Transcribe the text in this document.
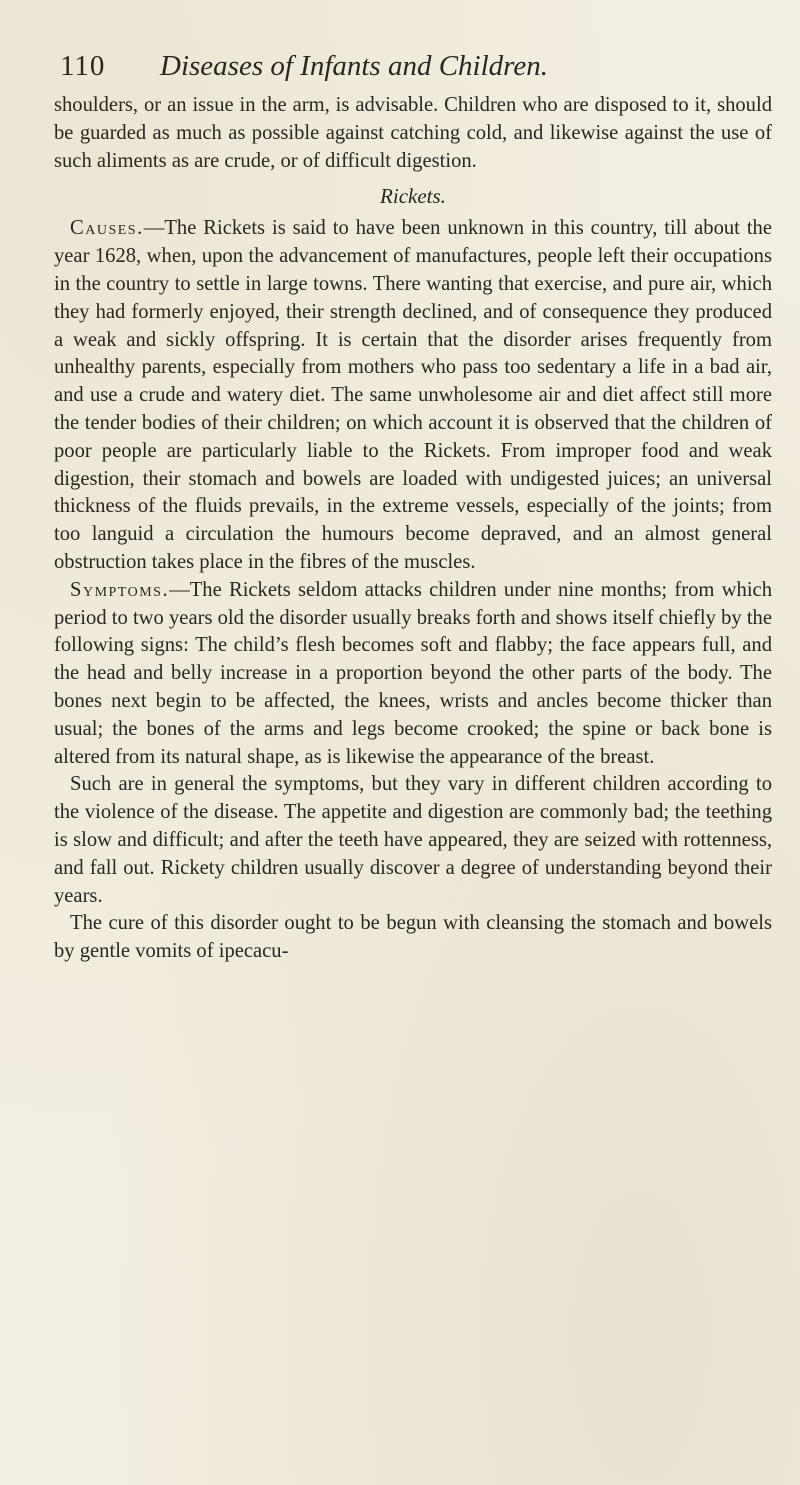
110 Diseases of Infants and Children.

shoulders, or an issue in the arm, is advisable. Children who are disposed to it, should be guarded as much as possible against catching cold, and likewise against the use of such aliments as are crude, or of difficult digestion.

Rickets.

Causes.—The Rickets is said to have been unknown in this country, till about the year 1628, when, upon the advancement of manufactures, people left their occupations in the country to settle in large towns. There wanting that exercise, and pure air, which they had formerly enjoyed, their strength declined, and of consequence they produced a weak and sickly offspring. It is certain that the disorder arises frequently from unhealthy parents, especially from mothers who pass too sedentary a life in a bad air, and use a crude and watery diet. The same unwholesome air and diet affect still more the tender bodies of their children; on which account it is observed that the children of poor people are particularly liable to the Rickets. From improper food and weak digestion, their stomach and bowels are loaded with undigested juices; an universal thickness of the fluids prevails, in the extreme vessels, especially of the joints; from too languid a circulation the humours become depraved, and an almost general obstruction takes place in the fibres of the muscles.

Symptoms.—The Rickets seldom attacks children under nine months; from which period to two years old the disorder usually breaks forth and shows itself chiefly by the following signs: The child’s flesh becomes soft and flabby; the face appears full, and the head and belly increase in a proportion beyond the other parts of the body. The bones next begin to be affected, the knees, wrists and ancles become thicker than usual; the bones of the arms and legs become crooked; the spine or back bone is altered from its natural shape, as is likewise the appearance of the breast.

Such are in general the symptoms, but they vary in different children according to the violence of the disease. The appetite and digestion are commonly bad; the teething is slow and difficult; and after the teeth have appeared, they are seized with rottenness, and fall out. Rickety children usually discover a degree of understanding beyond their years.

The cure of this disorder ought to be begun with cleansing the stomach and bowels by gentle vomits of ipecacu-
